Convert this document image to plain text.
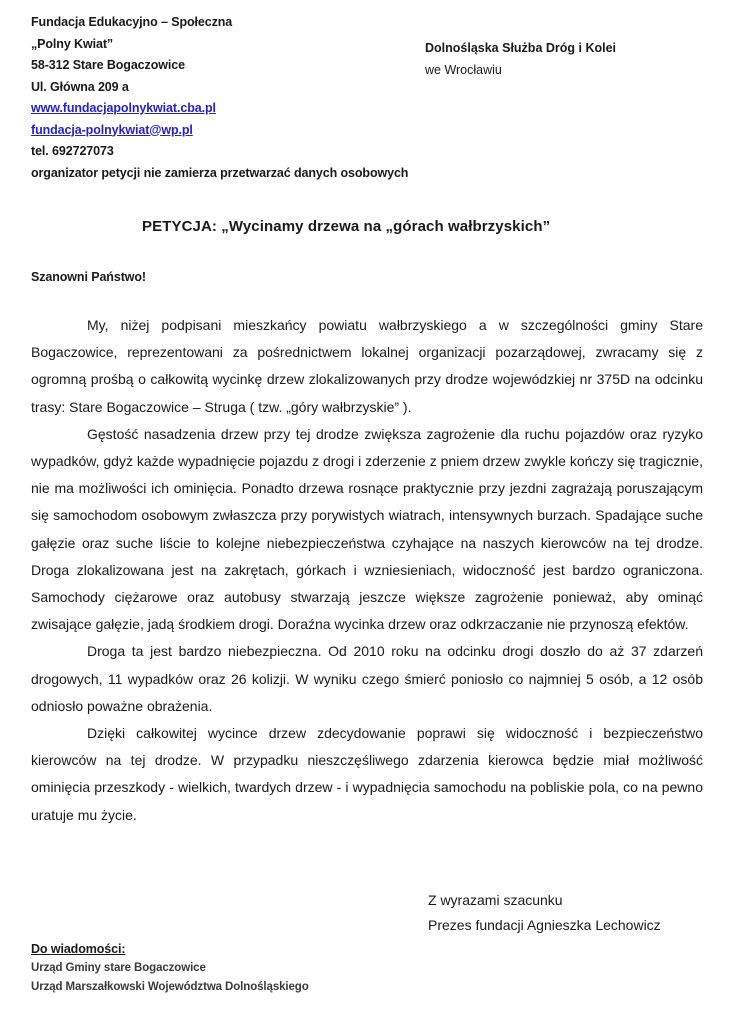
Fundacja Edukacyjno – Społeczna
„Polny Kwiat”
58-312 Stare Bogaczowice
Ul. Główna 209 a
www.fundacjapolnykwiat.cba.pl
fundacja-polnykwiat@wp.pl
tel. 692727073
Dolnośląska Służba Dróg i Kolei
we Wrocławiu
organizator petycji nie zamierza przetwarzać danych osobowych
PETYCJA: „Wycinamy drzewa na „górach wałbrzyskich”
Szanowni Państwo!

My, niżej podpisani mieszkańcy powiatu wałbrzyskiego a w szczególności gminy Stare Bogaczowice, reprezentowani za pośrednictwem lokalnej organizacji pozarządowej, zwracamy się z ogromną prośbą o całkowitą wycinkę drzew zlokalizowanych przy drodze wojewódzkiej nr 375D na odcinku trasy: Stare Bogaczowice – Struga ( tzw. „góry wałbrzyskie” ).

Gęstość nasadzenia drzew przy tej drodze zwiększa zagrożenie dla ruchu pojazdów oraz ryzyko wypadków, gdyż każde wypadnięcie pojazdu z drogi i zderzenie z pniem drzew zwykle kończy się tragicznie, nie ma możliwości ich ominięcia. Ponadto drzewa rosnące praktycznie przy jezdni zagrażają poruszającym się samochodom osobowym zwłaszcza przy porywistych wiatrach, intensywnych burzach. Spadające suche gałęzie oraz suche liście to kolejne niebezpieczeństwa czyhające na naszych kierowców na tej drodze. Droga zlokalizowana jest na zakrętach, górkach i wzniesieniach, widoczność jest bardzo ograniczona. Samochody ciężarowe oraz autobusy stwarzają jeszcze większe zagrożenie ponieważ, aby ominąć zwisające gałęzie, jadą środkiem drogi. Doraźna wycinka drzew oraz odkrzaczanie nie przynoszą efektów.

Droga ta jest bardzo niebezpieczna. Od 2010 roku na odcinku drogi doszło do aż 37 zdarzeń drogowych, 11 wypadków oraz 26 kolizji. W wyniku czego śmierć poniosło co najmniej 5 osób, a 12 osób odniosło poważne obrażenia.

Dzięki całkowitej wycince drzew zdecydowanie poprawi się widoczność i bezpieczeństwo kierowców na tej drodze. W przypadku nieszczęśliwego zdarzenia kierowca będzie miał możliwość ominięcia przeszkody - wielkich, twardych drzew - i wypadnięcia samochodu na pobliskie pola, co na pewno uratuje mu życie.

Z wyrazami szacunku
Prezes fundacji Agnieszka Lechowicz
Do wiadomości:
Urząd Gminy stare Bogaczowice
Urząd Marszałkowski Województwa Dolnośląskiego
